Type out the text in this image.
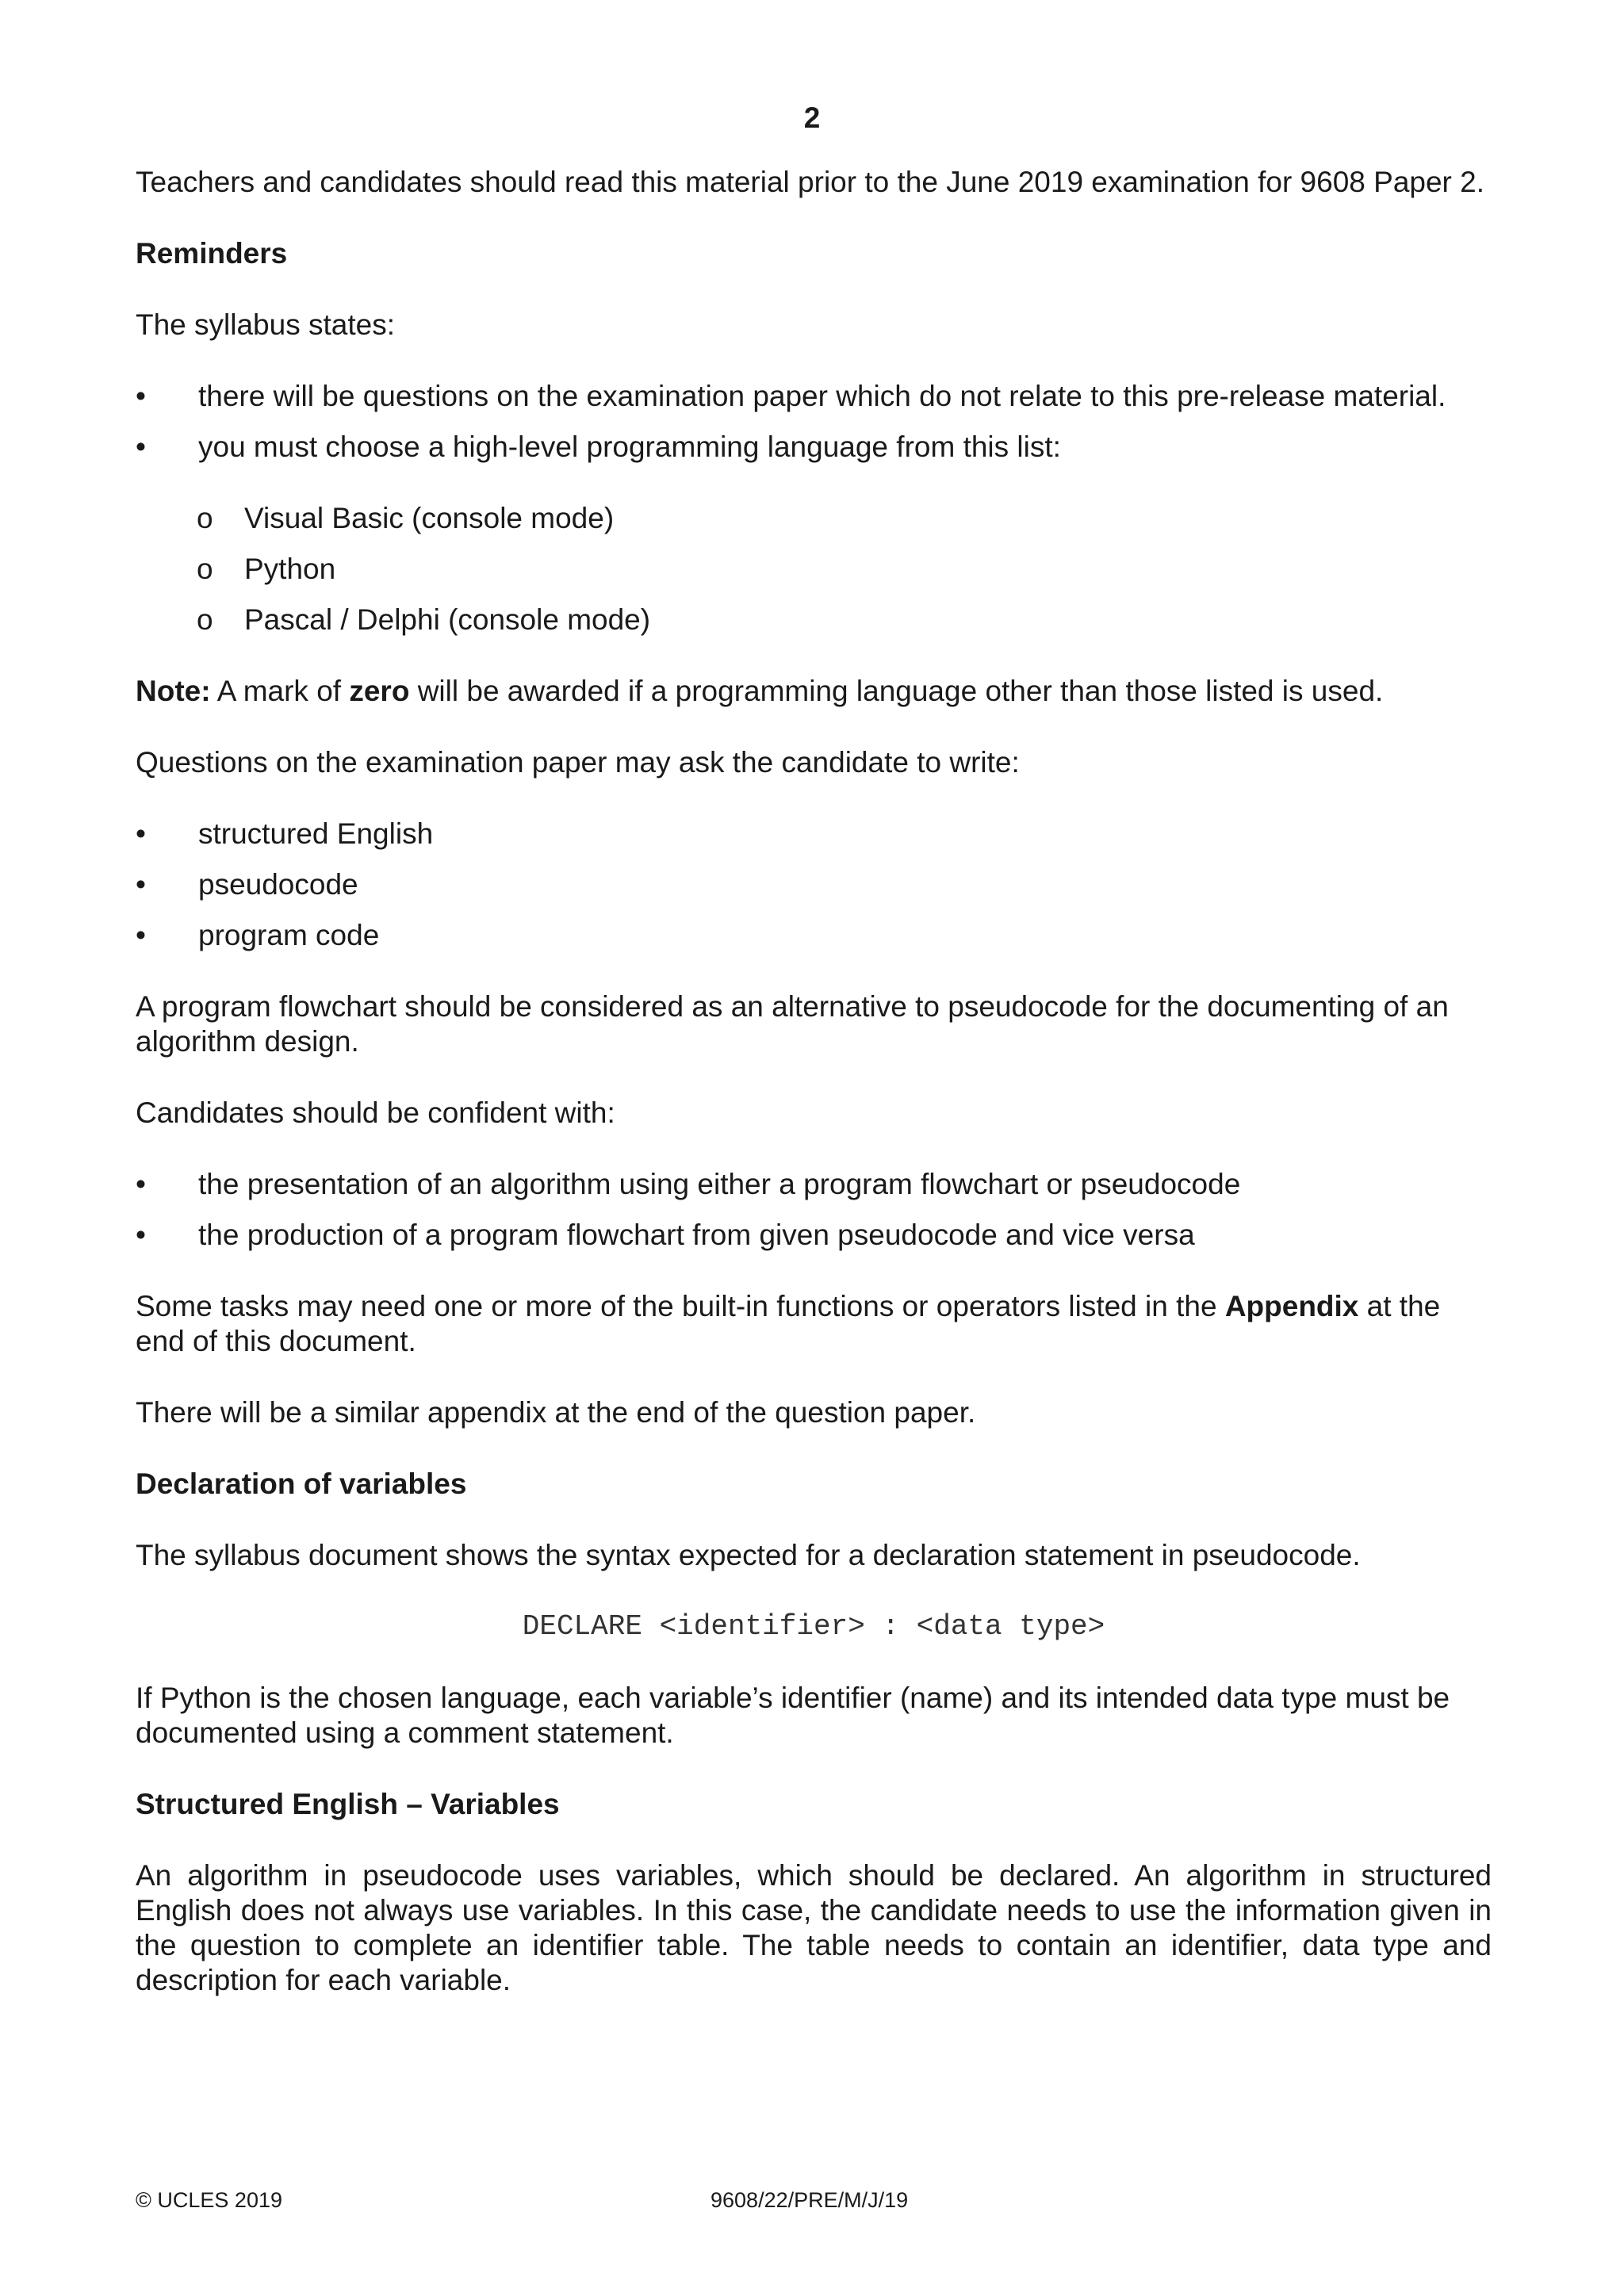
2

Teachers and candidates should read this material prior to the June 2019 examination for 9608 Paper 2.

Reminders

The syllabus states:

• there will be questions on the examination paper which do not relate to this pre-release material.
• you must choose a high-level programming language from this list:
o Visual Basic (console mode)
o Python
o Pascal / Delphi (console mode)

Note: A mark of zero will be awarded if a programming language other than those listed is used.

Questions on the examination paper may ask the candidate to write:

• structured English
• pseudocode
• program code

A program flowchart should be considered as an alternative to pseudocode for the documenting of an algorithm design.

Candidates should be confident with:

• the presentation of an algorithm using either a program flowchart or pseudocode
• the production of a program flowchart from given pseudocode and vice versa

Some tasks may need one or more of the built-in functions or operators listed in the Appendix at the end of this document.

There will be a similar appendix at the end of the question paper.

Declaration of variables

The syllabus document shows the syntax expected for a declaration statement in pseudocode.

DECLARE <identifier> : <data type>

If Python is the chosen language, each variable’s identifier (name) and its intended data type must be documented using a comment statement.

Structured English – Variables

An algorithm in pseudocode uses variables, which should be declared. An algorithm in structured English does not always use variables. In this case, the candidate needs to use the information given in the question to complete an identifier table. The table needs to contain an identifier, data type and description for each variable.

© UCLES 2019	9608/22/PRE/M/J/19
